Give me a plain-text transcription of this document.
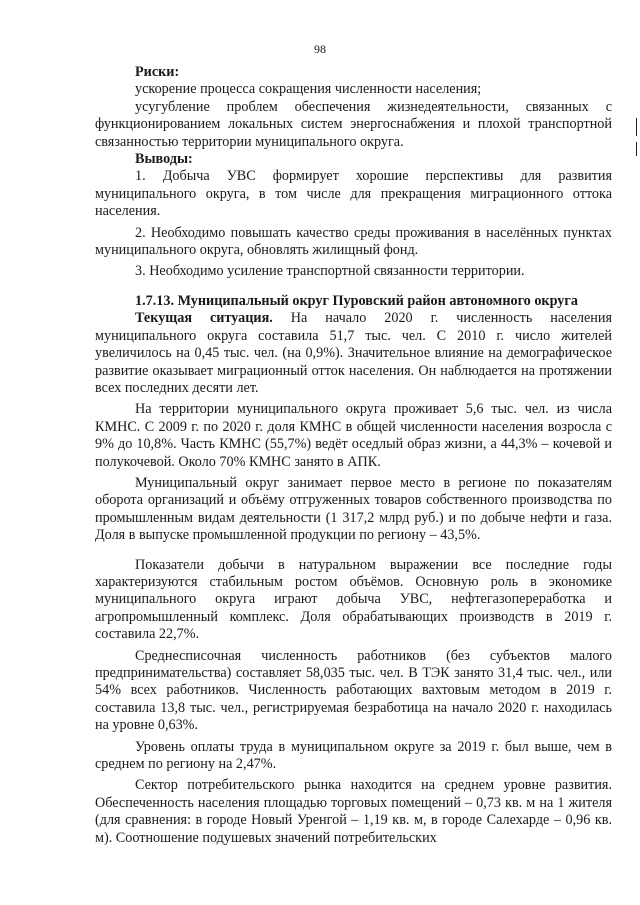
98

Риски:

ускорение процесса сокращения численности населения;

усугубление проблем обеспечения жизнедеятельности, связанных с функционированием локальных систем энергоснабжения и плохой транспортной связанностью территории муниципального округа.

Выводы:

1. Добыча УВС формирует хорошие перспективы для развития муниципального округа, в том числе для прекращения миграционного оттока населения.

2. Необходимо повышать качество среды проживания в населённых пунктах муниципального округа, обновлять жилищный фонд.

3. Необходимо усиление транспортной связанности территории.

1.7.13. Муниципальный округ Пуровский район автономного округа

Текущая ситуация. На начало 2020 г. численность населения муниципального округа составила 51,7 тыс. чел. С 2010 г. число жителей увеличилось на 0,45 тыс. чел. (на 0,9%). Значительное влияние на демографическое развитие оказывает миграционный отток населения. Он наблюдается на протяжении всех последних десяти лет.

На территории муниципального округа проживает 5,6 тыс. чел. из числа КМНС. С 2009 г. по 2020 г. доля КМНС в общей численности населения возросла с 9% до 10,8%. Часть КМНС (55,7%) ведёт оседлый образ жизни, а 44,3% – кочевой и полукочевой. Около 70% КМНС занято в АПК.

Муниципальный округ занимает первое место в регионе по показателям оборота организаций и объёму отгруженных товаров собственного производства по промышленным видам деятельности (1 317,2 млрд руб.) и по добыче нефти и газа. Доля в выпуске промышленной продукции по региону – 43,5%.

Показатели добычи в натуральном выражении все последние годы характеризуются стабильным ростом объёмов. Основную роль в экономике муниципального округа играют добыча УВС, нефтегазопереработка и агропромышленный комплекс. Доля обрабатывающих производств в 2019 г. составила 22,7%.

Среднесписочная численность работников (без субъектов малого предпринимательства) составляет 58,035 тыс. чел. В ТЭК занято 31,4 тыс. чел., или 54% всех работников. Численность работающих вахтовым методом в 2019 г. составила 13,8 тыс. чел., регистрируемая безработица на начало 2020 г. находилась на уровне 0,63%.

Уровень оплаты труда в муниципальном округе за 2019 г. был выше, чем в среднем по региону на 2,47%.

Сектор потребительского рынка находится на среднем уровне развития. Обеспеченность населения площадью торговых помещений – 0,73 кв. м на 1 жителя (для сравнения: в городе Новый Уренгой – 1,19 кв. м, в городе Салехарде – 0,96 кв. м). Соотношение подушевых значений потребительских
